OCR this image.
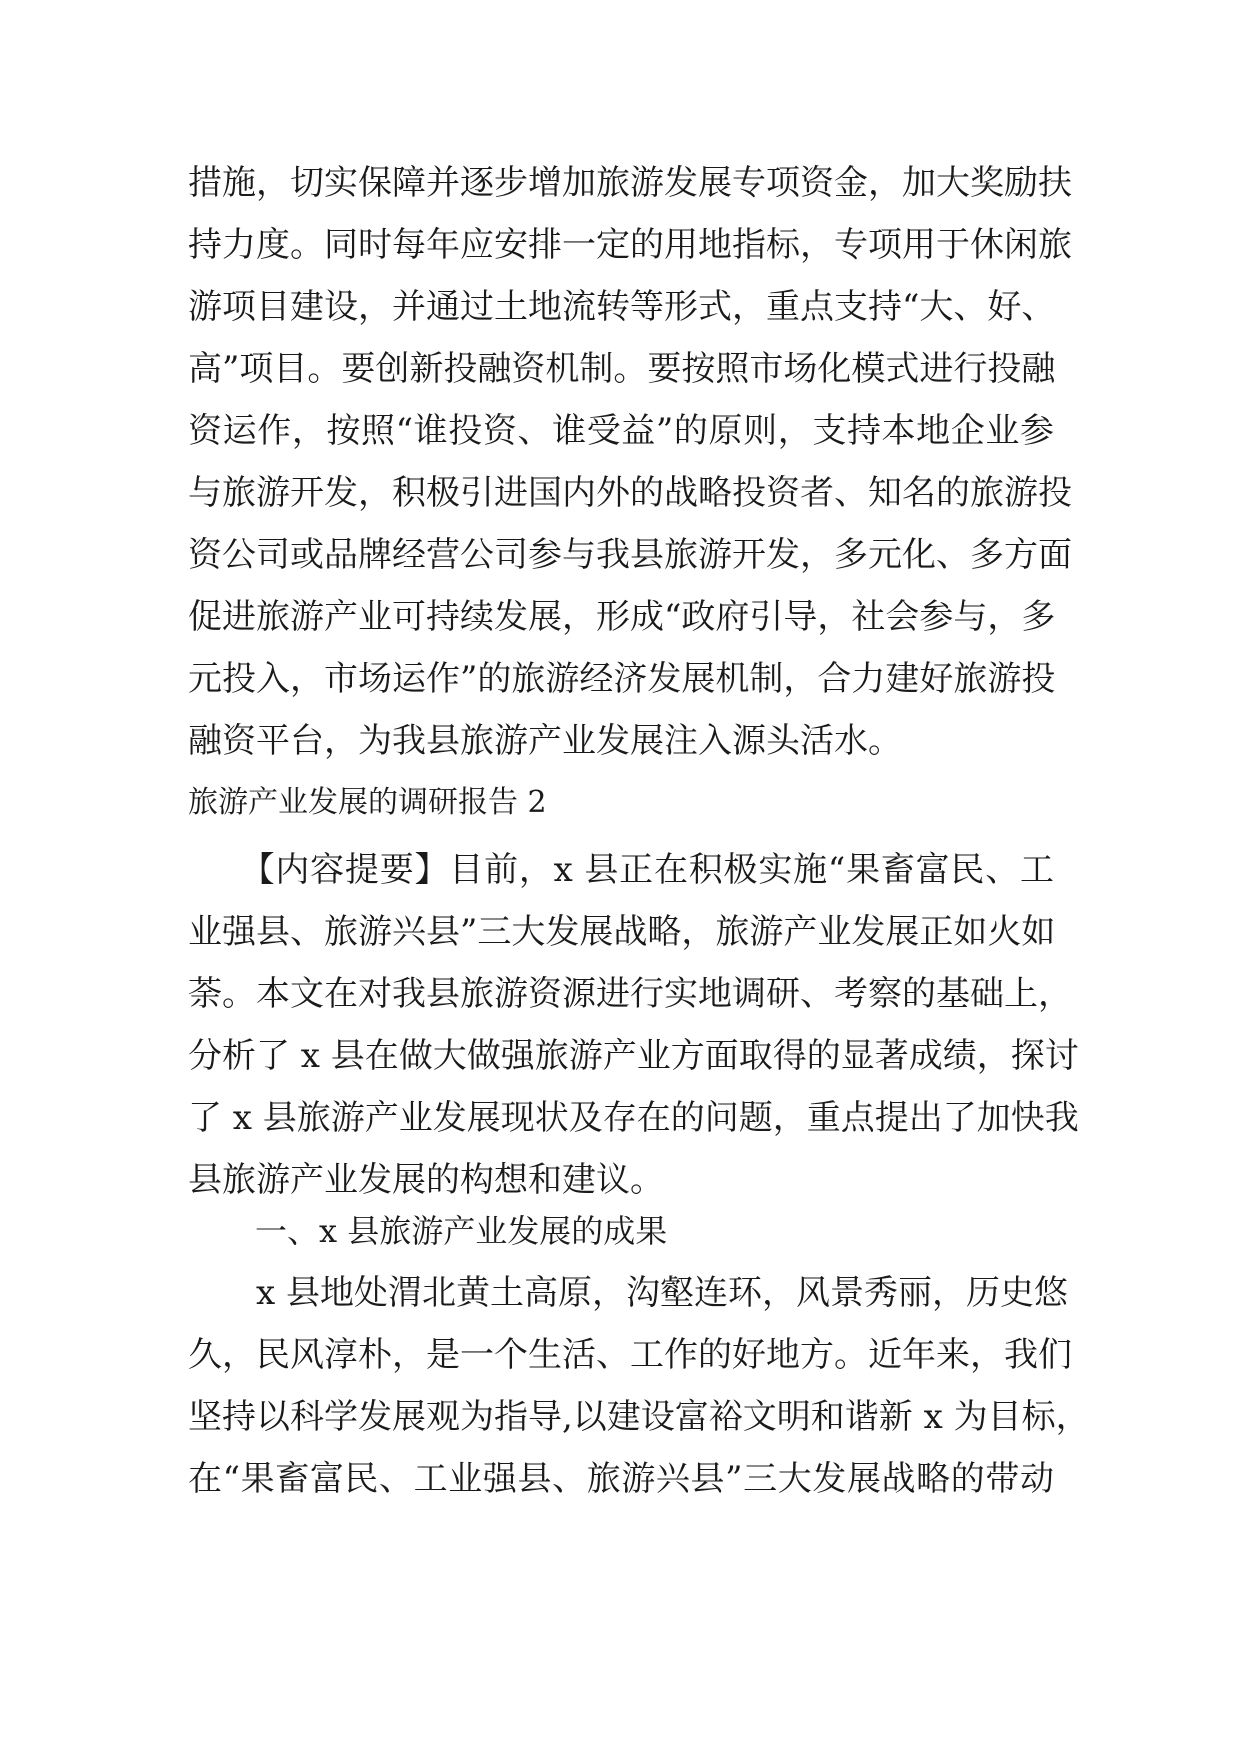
措施，切实保障并逐步增加旅游发展专项资金，加大奖励扶
持力度。同时每年应安排一定的用地指标，专项用于休闲旅
游项目建设，并通过土地流转等形式，重点支持“大、好、
高”项目。要创新投融资机制。要按照市场化模式进行投融
资运作，按照“谁投资、谁受益”的原则，支持本地企业参
与旅游开发，积极引进国内外的战略投资者、知名的旅游投
资公司或品牌经营公司参与我县旅游开发，多元化、多方面
促进旅游产业可持续发展，形成“政府引导，社会参与，多
元投入，市场运作”的旅游经济发展机制，合力建好旅游投
融资平台，为我县旅游产业发展注入源头活水。
旅游产业发展的调研报告 2
　　【内容提要】目前，x 县正在积极实施“果畜富民、工
业强县、旅游兴县”三大发展战略，旅游产业发展正如火如
荼。本文在对我县旅游资源进行实地调研、考察的基础上，
分析了 x 县在做大做强旅游产业方面取得的显著成绩，探讨
了 x 县旅游产业发展现状及存在的问题，重点提出了加快我
县旅游产业发展的构想和建议。
一、x 县旅游产业发展的成果
　　x 县地处渭北黄土高原，沟壑连环，风景秀丽，历史悠
久，民风淳朴，是一个生活、工作的好地方。近年来，我们
坚持以科学发展观为指导,以建设富裕文明和谐新 x 为目标，
在“果畜富民、工业强县、旅游兴县”三大发展战略的带动
